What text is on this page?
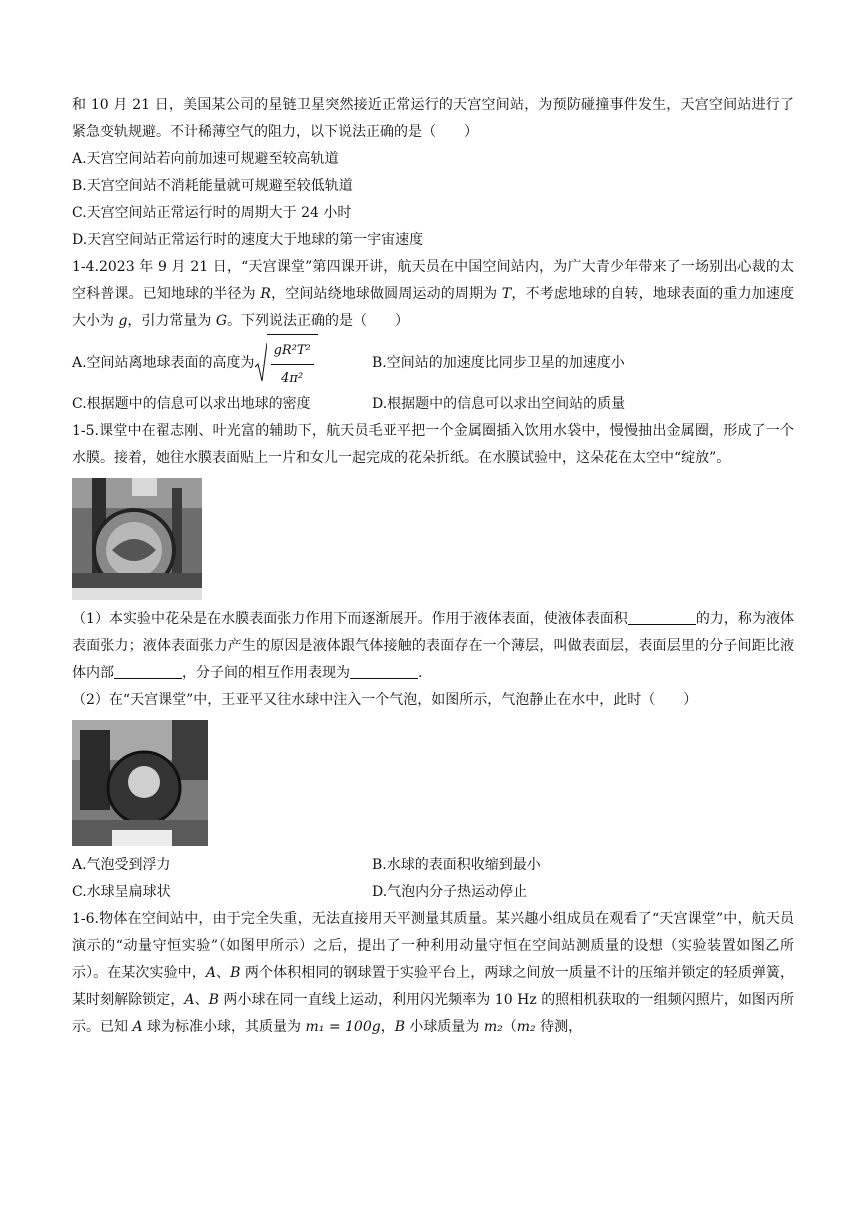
和 10 月 21 日，美国某公司的星链卫星突然接近正常运行的天宫空间站，为预防碰撞事件发生，天宫空间站进行了紧急变轨规避。不计稀薄空气的阻力，以下说法正确的是（　　）

A.天宫空间站若向前加速可规避至较高轨道

B.天宫空间站不消耗能量就可规避至较低轨道

C.天宫空间站正常运行时的周期大于 24 小时

D.天宫空间站正常运行时的速度大于地球的第一宇宙速度

1-4.2023 年 9 月 21 日，“天宫课堂”第四课开讲，航天员在中国空间站内，为广大青少年带来了一场别出心裁的太空科普课。已知地球的半径为 R，空间站绕地球做圆周运动的周期为 T，不考虑地球的自转，地球表面的重力加速度大小为 g，引力常量为 G。下列说法正确的是（　　）

A.空间站离地球表面的高度为 $\frac{\text{gR²T²}}{\text{4π²}}$	B.空间站的加速度比同步卫星的加速度小
C.根据题中的信息可以求出地球的密度	D.根据题中的信息可以求出空间站的质量

1-5.课堂中在翟志刚、叶光富的辅助下，航天员毛亚平把一个金属圈插入饮用水袋中，慢慢抽出金属圈，形成了一个水膜。接着，她往水膜表面贴上一片和女儿一起完成的花朵折纸。在水膜试验中，这朵花在太空中“绽放”。

（1）本实验中花朵是在水膜表面张力作用下而逐渐展开。作用于液体表面，使液体表面积	的力，称为液体表面张力；液体表面张力产生的原因是液体跟气体接触的表面存在一个薄层，叫做表面层，表面层里的分子间距比液体内部	，分子间的相互作用表现为	.

（2）在“天宫课堂”中，王亚平又往水球中注入一个气泡，如图所示，气泡静止在水中，此时（　　）

A.气泡受到浮力	B.水球的表面积收缩到最小
C.水球呈扁球状	D.气泡内分子热运动停止

1-6.物体在空间站中，由于完全失重，无法直接用天平测量其质量。某兴趣小组成员在观看了“天宫课堂”中，航天员演示的“动量守恒实验”（如图甲所示）之后，提出了一种利用动量守恒在空间站测质量的设想（实验装置如图乙所示）。在某次实验中，A、B 两个体积相同的钢球置于实验平台上，两球之间放一质量不计的压缩并锁定的轻质弹簧，某时刻解除锁定，A、B 两小球在同一直线上运动，利用闪光频率为 10 Hz 的照相机获取的一组频闪照片，如图丙所示。已知 A 球为标准小球，其质量为 m₁ = 100g，B 小球质量为 m₂（m₂ 待测，
